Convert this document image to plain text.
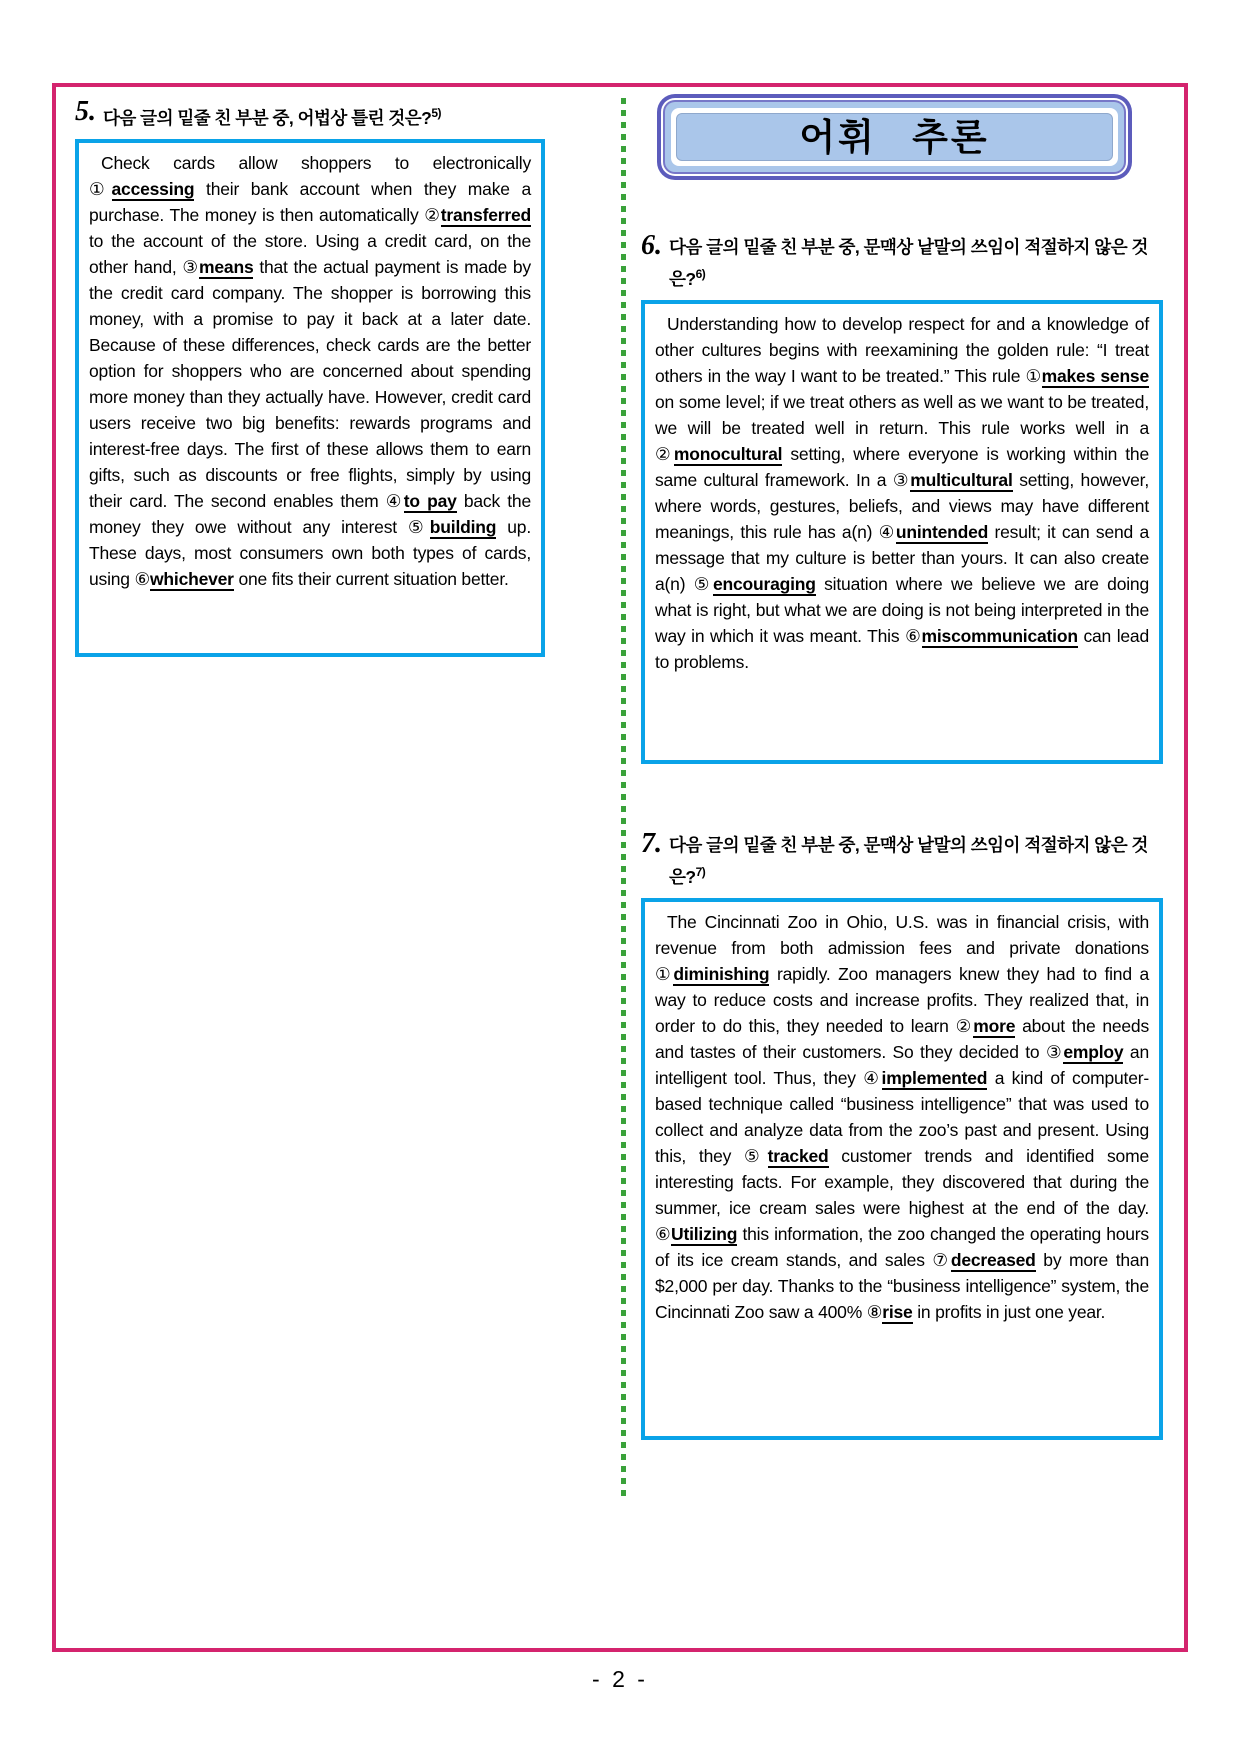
5. 다음 글의 밑줄 친 부분 중, 어법상 틀린 것은?$^{5)}$
Check cards allow shoppers to electronically ①accessing their bank account when they make a purchase. The money is then automatically ②transferred to the account of the store. Using a credit card, on the other hand, ③means that the actual payment is made by the credit card company. The shopper is borrowing this money, with a promise to pay it back at a later date. Because of these differences, check cards are the better option for shoppers who are concerned about spending more money than they actually have. However, credit card users receive two big benefits: rewards programs and interest-free days. The first of these allows them to earn gifts, such as discounts or free flights, simply by using their card. The second enables them ④to pay back the money they owe without any interest ⑤building up. These days, most consumers own both types of cards, using ⑥whichever one fits their current situation better.
어휘 추론
6. 다음 글의 밑줄 친 부분 중, 문맥상 낱말의 쓰임이 적절하지 않은 것은?$^{6)}$
Understanding how to develop respect for and a knowledge of other cultures begins with reexamining the golden rule: “I treat others in the way I want to be treated.” This rule ①makes sense on some level; if we treat others as well as we want to be treated, we will be treated well in return. This rule works well in a ②monocultural setting, where everyone is working within the same cultural framework. In a ③multicultural setting, however, where words, gestures, beliefs, and views may have different meanings, this rule has a(n) ④unintended result; it can send a message that my culture is better than yours. It can also create a(n) ⑤encouraging situation where we believe we are doing what is right, but what we are doing is not being interpreted in the way in which it was meant. This ⑥miscommunication can lead to problems.
7. 다음 글의 밑줄 친 부분 중, 문맥상 낱말의 쓰임이 적절하지 않은 것은?$^{7)}$
The Cincinnati Zoo in Ohio, U.S. was in financial crisis, with revenue from both admission fees and private donations ①diminishing rapidly. Zoo managers knew they had to find a way to reduce costs and increase profits. They realized that, in order to do this, they needed to learn ②more about the needs and tastes of their customers. So they decided to ③employ an intelligent tool. Thus, they ④implemented a kind of computer-based technique called “business intelligence” that was used to collect and analyze data from the zoo’s past and present. Using this, they ⑤tracked customer trends and identified some interesting facts. For example, they discovered that during the summer, ice cream sales were highest at the end of the day. ⑥Utilizing this information, the zoo changed the operating hours of its ice cream stands, and sales ⑦decreased by more than $2,000 per day. Thanks to the “business intelligence” system, the Cincinnati Zoo saw a 400% ⑧rise in profits in just one year.
- 2 -
